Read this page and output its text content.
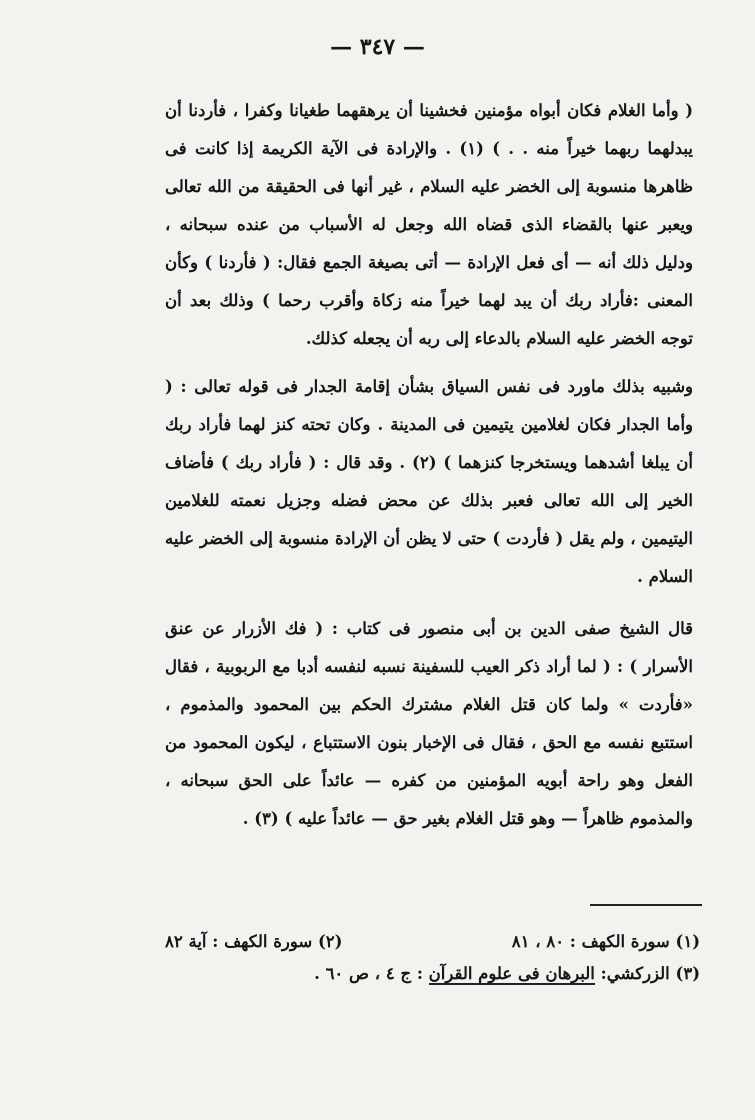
— ٣٤٧ —

( وأما الغلام فكان أبواه مؤمنين فخشينا أن يرهقهما طغيانا وكفرا ، فأردنا أن يبدلهما ربهما خيراً منه . . ) (١) . والإرادة فى الآية الكريمة إذا كانت فى ظاهرها منسوبة إلى الخضر عليه السلام ، غير أنها فى الحقيقة من الله تعالى ويعبر عنها بالقضاء الذى قضاه الله وجعل له الأسباب من عنده سبحانه ، ودليل ذلك أنه — أى فعل الإرادة — أتى بصيغة الجمع فقال: ( فأردنا ) وكأن المعنى :فأراد ربك أن يبد لهما خيراً منه زكاة وأقرب رحما ) وذلك بعد أن توجه الخضر عليه السلام بالدعاء إلى ربه أن يجعله كذلك.

وشبيه بذلك ماورد فى نفس السياق بشأن إقامة الجدار فى قوله تعالى : ( وأما الجدار فكان لغلامين يتيمين فى المدينة . وكان تحته كنز لهما فأراد ربك أن يبلغا أشدهما ويستخرجا كنزهما ) (٢) . وقد قال : ( فأراد ربك ) فأضاف الخير إلى الله تعالى فعبر بذلك عن محض فضله وجزيل نعمته للغلامين اليتيمين ، ولم يقل ( فأردت ) حتى لا يظن أن الإرادة منسوبة إلى الخضر عليه السلام .

قال الشيخ صفى الدين بن أبى منصور فى كتاب : ( فك الأزرار عن عنق الأسرار ) : ( لما أراد ذكر العيب للسفينة نسبه لنفسه أدبا مع الربوبية ، فقال «فأردت » ولما كان قتل الغلام مشترك الحكم بين المحمود والمذموم ، استتبع نفسه مع الحق ، فقال فى الإخبار بنون الاستتباع ، ليكون المحمود من الفعل وهو راحة أبويه المؤمنين من كفره — عائداً على الحق سبحانه ، والمذموم ظاهراً — وهو قتل الغلام بغير حق — عائداً عليه ) (٣) .

(١) سورة الكهف : ٨٠ ، ٨١
(٢) سورة الكهف : آية ٨٢
(٣) الزركشي: البرهان فى علوم القرآن : ج ٤ ، ص ٦٠ .
